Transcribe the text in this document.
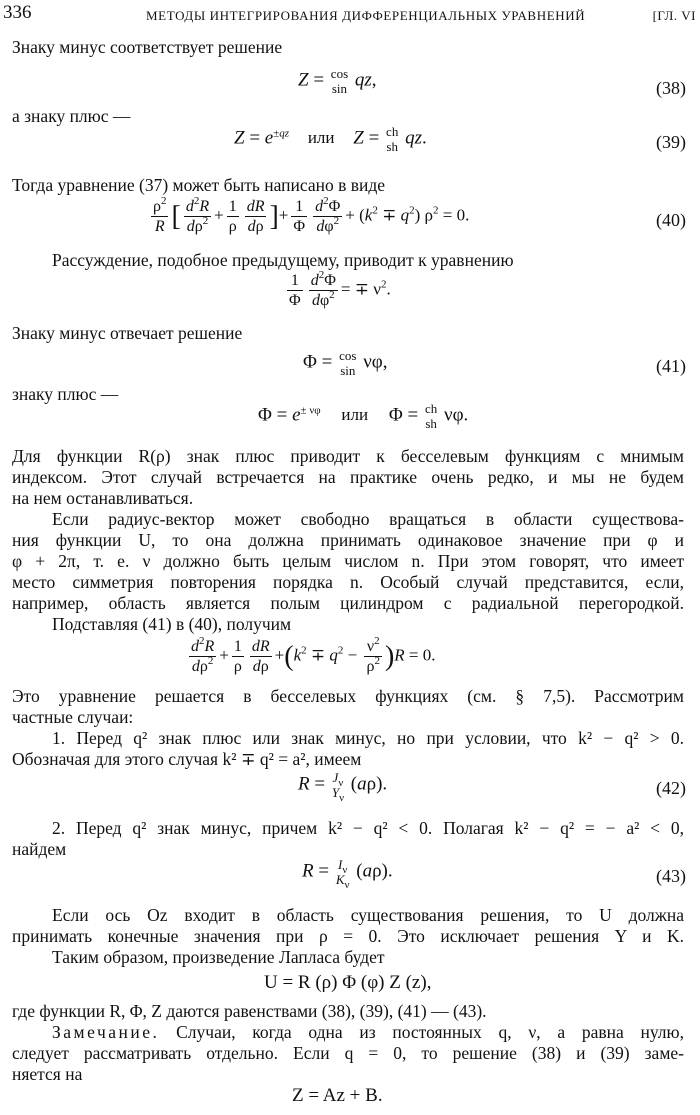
336	МЕТОДЫ ИНТЕГРИРОВАНИЯ ДИФФЕРЕНЦИАЛЬНЫХ УРАВНЕНИЙ	[ГЛ. VI
Знаку минус соответствует решение
Z = cos
sin qz,	(38)
а знаку плюс —
$Z = e^{\pm qz}$ или Z = ch
sh qz.	(39)
Тогда уравнение (37) может быть написано в виде
$\frac{\rho^2}{R}$ [ $\frac{d^2R}{d\rho^2} + \frac{1}{\rho} \frac{dR}{d\rho}$ ]+ $\frac{1}{\Phi} \frac{d^2\Phi}{d\varphi^2} + (k^2 \mp q^2) \rho^2 = 0$.	(40)
Рассуждение, подобное предыдущему, приводит к уравнению
$\frac{1}{\Phi} \frac{d^2\Phi}{d\varphi^2}$ = ∓ $\nu^2$.
Знаку минус отвечает решение
Φ = cos
sin νφ,	(41)
знаку плюс —
$\Phi = e^{\pm \nu\varphi}$ или Φ = ch
sh νφ.
Для функции R(ρ) знак плюс приводит к бесселевым функциям с мнимым
индексом. Этот случай встречается на практике очень редко, и мы не будем
на нем останавливаться.
Если радиус-вектор может свободно вращаться в области существова-
ния функции U, то она должна принимать одинаковое значение при φ и
φ + 2π, т. е. ν должно быть целым числом n. При этом говорят, что имеет
место симметрия повторения порядка n. Особый случай представится, если,
например, область является полым цилиндром с радиальной перегородкой.
Подставляя (41) в (40), получим
$\frac{d^2R}{d\rho^2} + \frac{1}{\rho} \frac{dR}{d\rho} +(k^2 \mp q^2 - \frac{\nu^2}{\rho^2} )R = 0$.
Это уравнение решается в бесселевых функциях (см. § 7,5). Рассмотрим
частные случаи:
1. Перед q² знак плюс или знак минус, но при условии, что k² − q² > 0.
Обозначая для этого случая k² ∓ q² = a², имеем
$R = J_\nu$
$Y_\nu$
(aρ).	(42)
2. Перед q² знак минус, причем k² − q² < 0. Полагая k² − q² = − a² < 0,
найдем
$R = I_\nu$
$K_\nu$
(aρ).	(43)
Если ось Oz входит в область существования решения, то U должна
принимать конечные значения при ρ = 0. Это исключает решения Y и K.
Таким образом, произведение Лапласа будет
U = R (ρ) Φ (φ) Z (z),
где функции R, Φ, Z даются равенствами (38), (39), (41) — (43).
Замечание. Случаи, когда одна из постоянных q, ν, a равна нулю,
следует рассматривать отдельно. Если q = 0, то решение (38) и (39) заме-
няется на
Z = Az + B.
